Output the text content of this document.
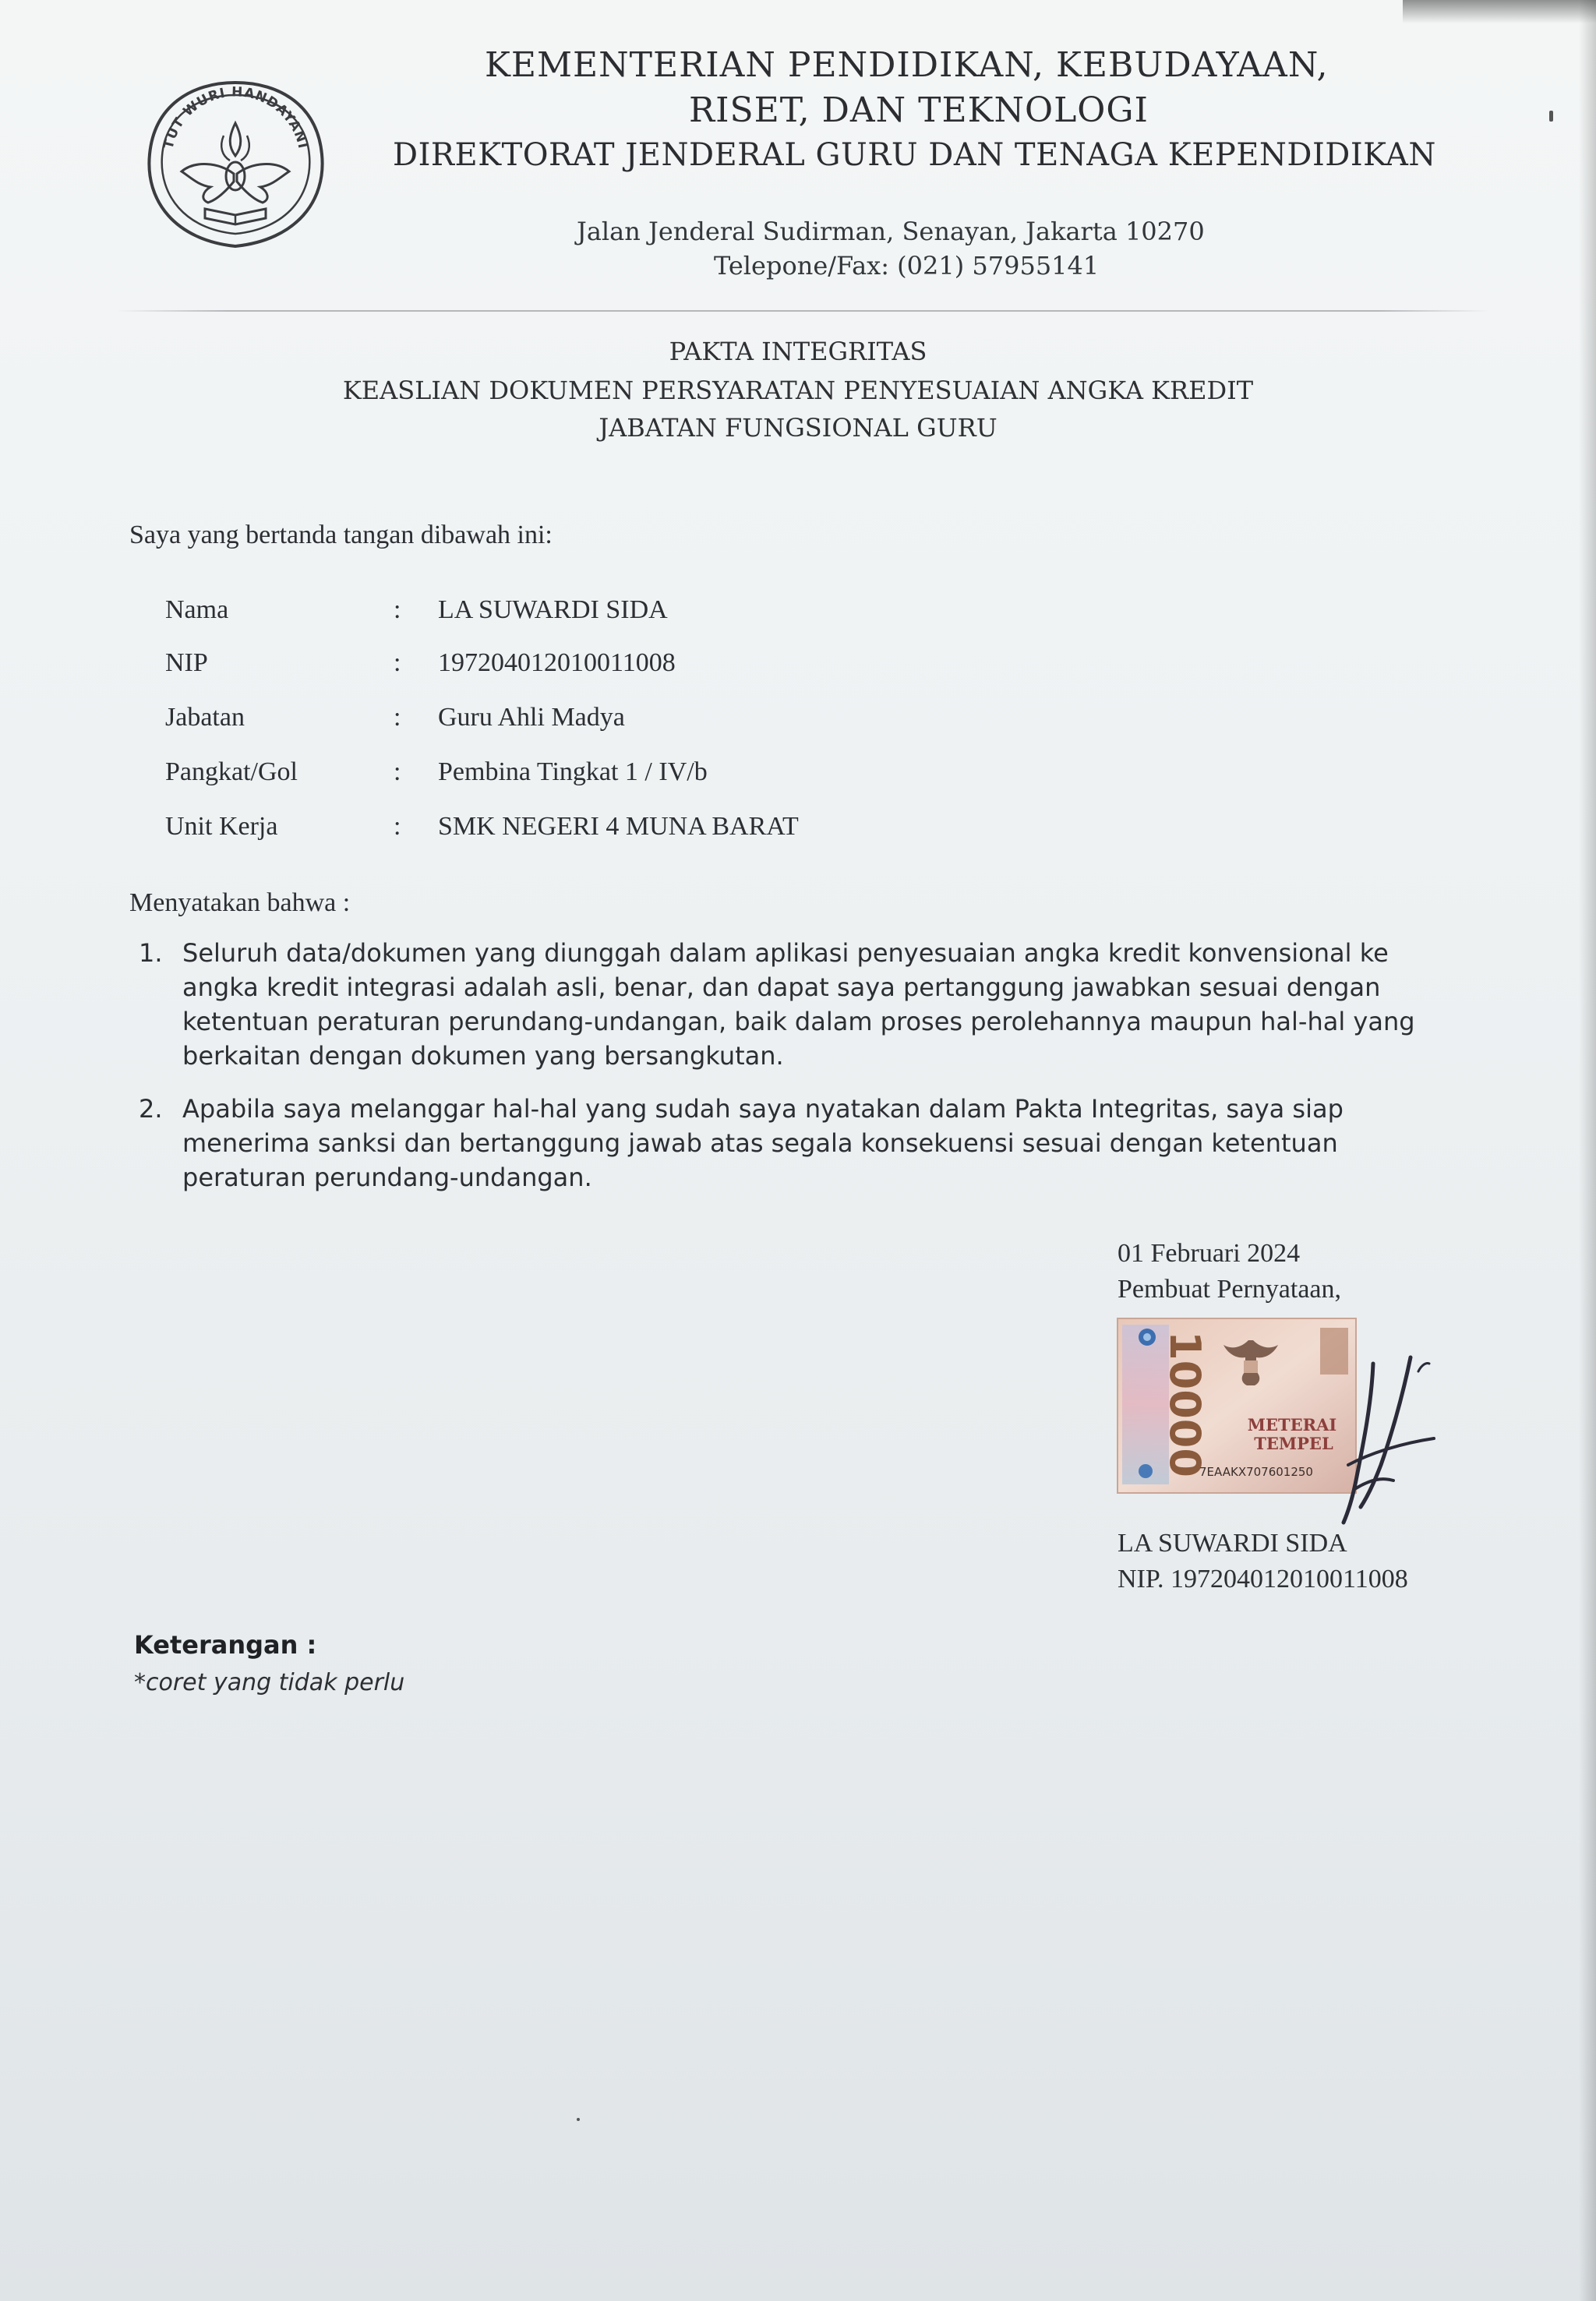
TUT WURI HANDAYANI
KEMENTERIAN PENDIDIKAN, KEBUDAYAAN,
RISET, DAN TEKNOLOGI
DIREKTORAT JENDERAL GURU DAN TENAGA KEPENDIDIKAN
Jalan Jenderal Sudirman, Senayan, Jakarta 10270
Telepone/Fax: (021) 57955141
PAKTA INTEGRITAS
KEASLIAN DOKUMEN PERSYARATAN PENYESUAIAN ANGKA KREDIT
JABATAN FUNGSIONAL GURU
Saya yang bertanda tangan dibawah ini:
Nama	: LA SUWARDI SIDA
NIP	: 197204012010011008
Jabatan	: Guru Ahli Madya
Pangkat/Gol	: Pembina Tingkat 1 / IV/b
Unit Kerja	: SMK NEGERI 4 MUNA BARAT
Menyatakan bahwa :
1. Seluruh data/dokumen yang diunggah dalam aplikasi penyesuaian angka kredit konvensional ke
angka kredit integrasi adalah asli, benar, dan dapat saya pertanggung jawabkan sesuai dengan
ketentuan peraturan perundang-undangan, baik dalam proses perolehannya maupun hal-hal yang
berkaitan dengan dokumen yang bersangkutan.
2. Apabila saya melanggar hal-hal yang sudah saya nyatakan dalam Pakta Integritas, saya siap
menerima sanksi dan bertanggung jawab atas segala konsekuensi sesuai dengan ketentuan
peraturan perundang-undangan.
01 Februari 2024
Pembuat Pernyataan,
10000 METERAI
TEMPEL
7EAAKX707601250
LA SUWARDI SIDA
NIP. 197204012010011008
Keterangan :
*coret yang tidak perlu
